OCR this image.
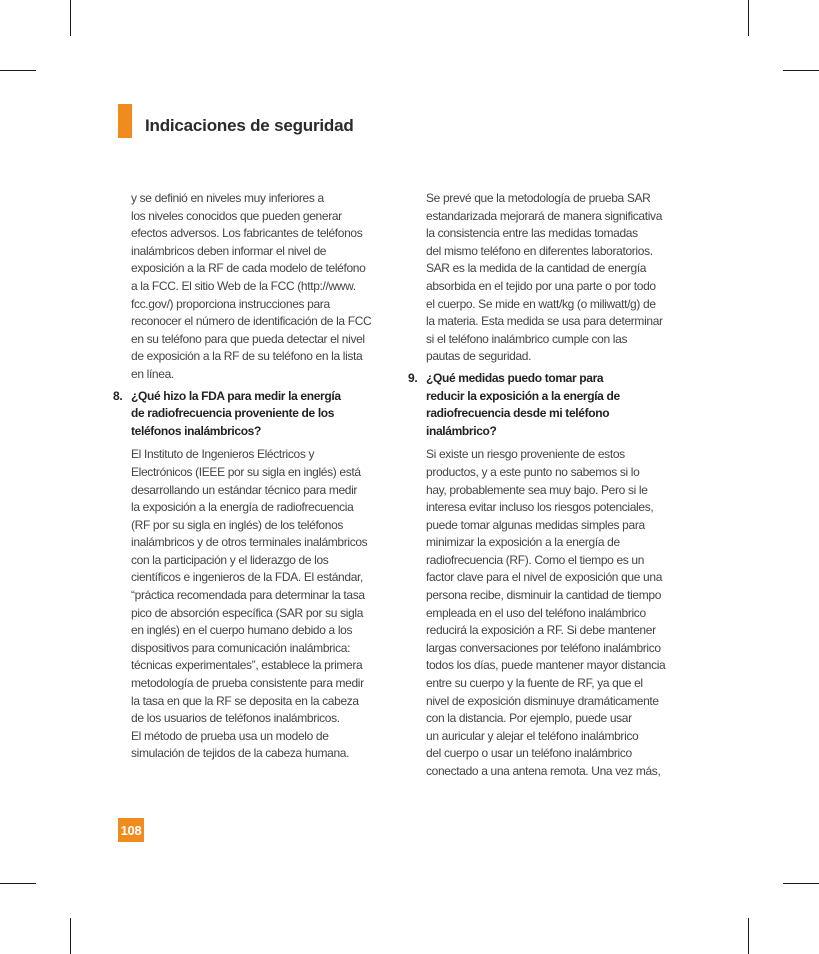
Indicaciones de seguridad

y se definió en niveles muy inferiores a
los niveles conocidos que pueden generar
efectos adversos. Los fabricantes de teléfonos
inalámbricos deben informar el nivel de
exposición a la RF de cada modelo de teléfono
a la FCC. El sitio Web de la FCC (http://www.
fcc.gov/) proporciona instrucciones para
reconocer el número de identificación de la FCC
en su teléfono para que pueda detectar el nivel
de exposición a la RF de su teléfono en la lista
en línea.

8. ¿Qué hizo la FDA para medir la energía
de radiofrecuencia proveniente de los
teléfonos inalámbricos?

El Instituto de Ingenieros Eléctricos y
Electrónicos (IEEE por su sigla en inglés) está
desarrollando un estándar técnico para medir
la exposición a la energía de radiofrecuencia
(RF por su sigla en inglés) de los teléfonos
inalámbricos y de otros terminales inalámbricos
con la participación y el liderazgo de los
científicos e ingenieros de la FDA. El estándar,
“práctica recomendada para determinar la tasa
pico de absorción específica (SAR por su sigla
en inglés) en el cuerpo humano debido a los
dispositivos para comunicación inalámbrica:
técnicas experimentales”, establece la primera
metodología de prueba consistente para medir
la tasa en que la RF se deposita en la cabeza
de los usuarios de teléfonos inalámbricos.
El método de prueba usa un modelo de
simulación de tejidos de la cabeza humana.

Se prevé que la metodología de prueba SAR
estandarizada mejorará de manera significativa
la consistencia entre las medidas tomadas
del mismo teléfono en diferentes laboratorios.
SAR es la medida de la cantidad de energía
absorbida en el tejido por una parte o por todo
el cuerpo. Se mide en watt/kg (o miliwatt/g) de
la materia. Esta medida se usa para determinar
si el teléfono inalámbrico cumple con las
pautas de seguridad.

9. ¿Qué medidas puedo tomar para
reducir la exposición a la energía de
radiofrecuencia desde mi teléfono
inalámbrico?

Si existe un riesgo proveniente de estos
productos, y a este punto no sabemos si lo
hay, probablemente sea muy bajo. Pero si le
interesa evitar incluso los riesgos potenciales,
puede tomar algunas medidas simples para
minimizar la exposición a la energía de
radiofrecuencia (RF). Como el tiempo es un
factor clave para el nivel de exposición que una
persona recibe, disminuir la cantidad de tiempo
empleada en el uso del teléfono inalámbrico
reducirá la exposición a RF. Si debe mantener
largas conversaciones por teléfono inalámbrico
todos los días, puede mantener mayor distancia
entre su cuerpo y la fuente de RF, ya que el
nivel de exposición disminuye dramáticamente
con la distancia. Por ejemplo, puede usar
un auricular y alejar el teléfono inalámbrico
del cuerpo o usar un teléfono inalámbrico
conectado a una antena remota. Una vez más,

108
